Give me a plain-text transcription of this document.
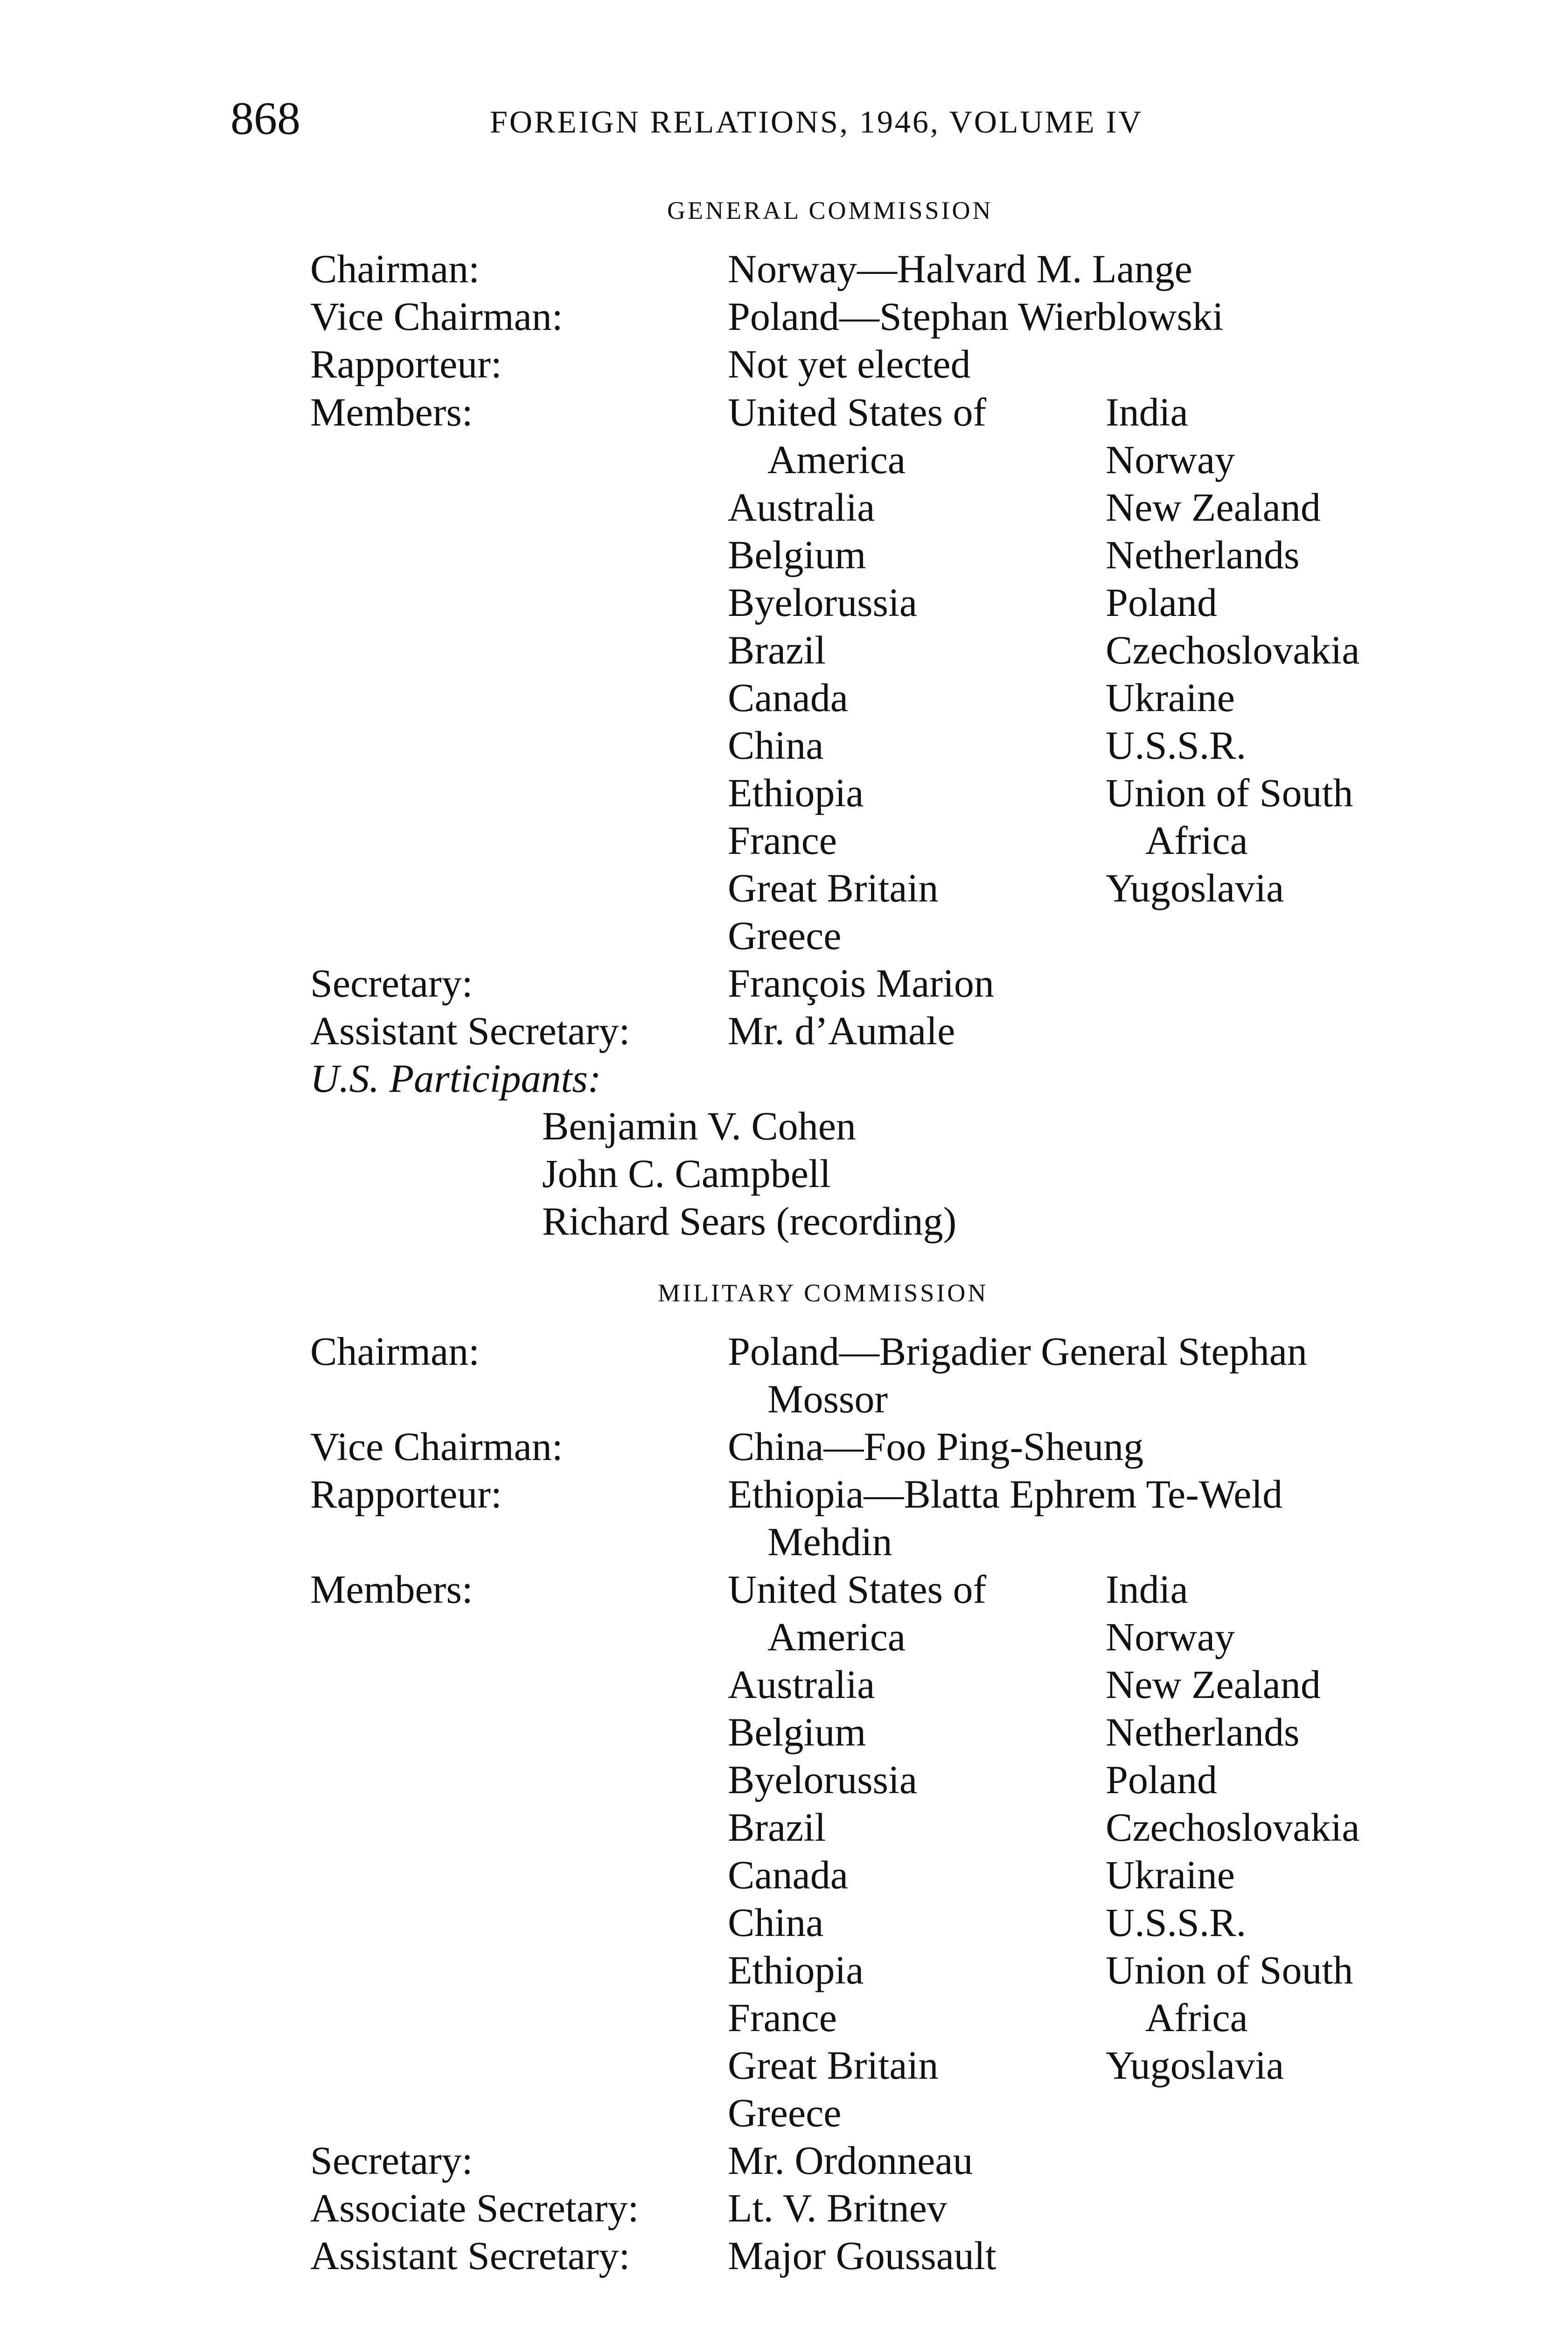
868	FOREIGN RELATIONS, 1946, VOLUME IV
GENERAL COMMISSION
Chairman:	Norway—Halvard M. Lange
Vice Chairman:	Poland—Stephan Wierblowski
Rapporteur:	Not yet elected
Members:	United States of	India
America	Norway
Australia	New Zealand
Belgium	Netherlands
Byelorussia	Poland
Brazil	Czechoslovakia
Canada	Ukraine
China	U.S.S.R.
Ethiopia	Union of South
France	Africa
Great Britain	Yugoslavia
Greece
Secretary:	François Marion
Assistant Secretary: Mr. d’Aumale
U.S. Participants:
Benjamin V. Cohen
John C. Campbell
Richard Sears (recording)
MILITARY COMMISSION
Chairman:	Poland—Brigadier General Stephan
Mossor
Vice Chairman:	China—Foo Ping-Sheung
Rapporteur:	Ethiopia—Blatta Ephrem Te-Weld
Mehdin
Members:	United States of	India
America	Norway
Australia	New Zealand
Belgium	Netherlands
Byelorussia	Poland
Brazil	Czechoslovakia
Canada	Ukraine
China	U.S.S.R.
Ethiopia	Union of South
France	Africa
Great Britain	Yugoslavia
Greece
Secretary:	Mr. Ordonneau
Associate Secretary: Lt. V. Britnev
Assistant Secretary: Major Goussault
